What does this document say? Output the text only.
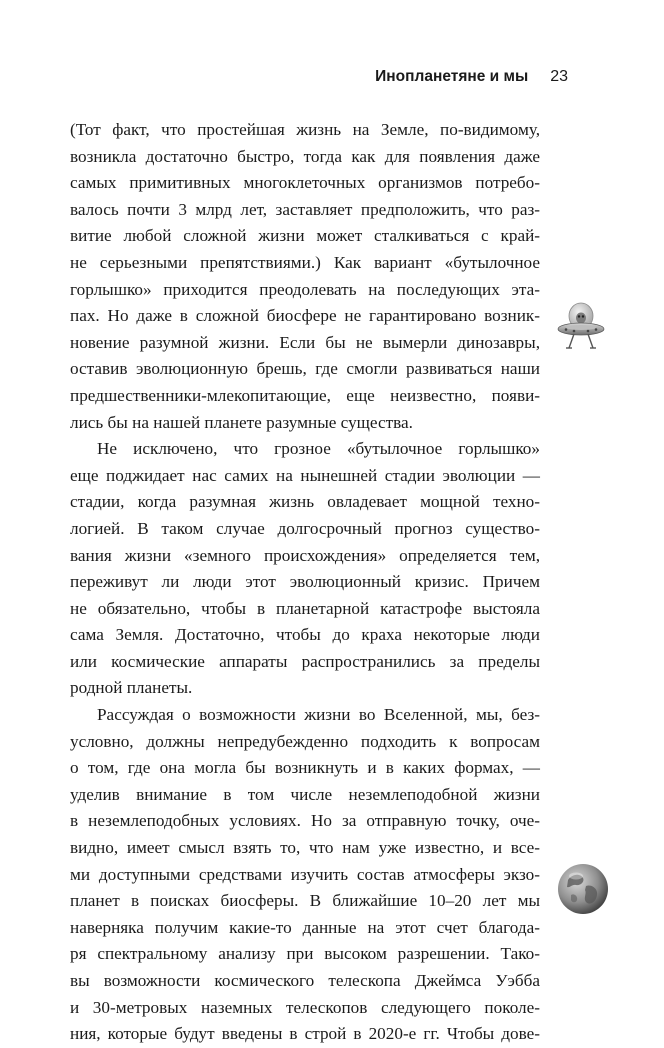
Инопланетяне и мы 23
(Тот факт, что простейшая жизнь на Земле, по-видимому,
возникла достаточно быстро, тогда как для появления даже
самых примитивных многоклеточных организмов потребо-
валось почти 3 млрд лет, заставляет предположить, что раз-
витие любой сложной жизни может сталкиваться с край-
не серьезными препятствиями.) Как вариант «бутылочное
горлышко» приходится преодолевать на последующих эта-
пах. Но даже в сложной биосфере не гарантировано возник-
новение разумной жизни. Если бы не вымерли динозавры,
оставив эволюционную брешь, где смогли развиваться наши
предшественники-млекопитающие, еще неизвестно, появи-
лись бы на нашей планете разумные существа.
Не исключено, что грозное «бутылочное горлышко»
еще поджидает нас самих на нынешней стадии эволюции —
стадии, когда разумная жизнь овладевает мощной техно-
логией. В таком случае долгосрочный прогноз существо-
вания жизни «земного происхождения» определяется тем,
переживут ли люди этот эволюционный кризис. Причем
не обязательно, чтобы в планетарной катастрофе выстояла
сама Земля. Достаточно, чтобы до краха некоторые люди
или космические аппараты распространились за пределы
родной планеты.
Рассуждая о возможности жизни во Вселенной, мы, без-
условно, должны непредубежденно подходить к вопросам
о том, где она могла бы возникнуть и в каких формах, —
уделив внимание в том числе неземлеподобной жизни
в неземлеподобных условиях. Но за отправную точку, оче-
видно, имеет смысл взять то, что нам уже известно, и все-
ми доступными средствами изучить состав атмосферы экзо-
планет в поисках биосферы. В ближайшие 10–20 лет мы
наверняка получим какие-то данные на этот счет благода-
ря спектральному анализу при высоком разрешении. Тако-
вы возможности космического телескопа Джеймса Уэбба
и 30-метровых наземных телескопов следующего поколе-
ния, которые будут введены в строй в 2020-е гг. Чтобы дове-
